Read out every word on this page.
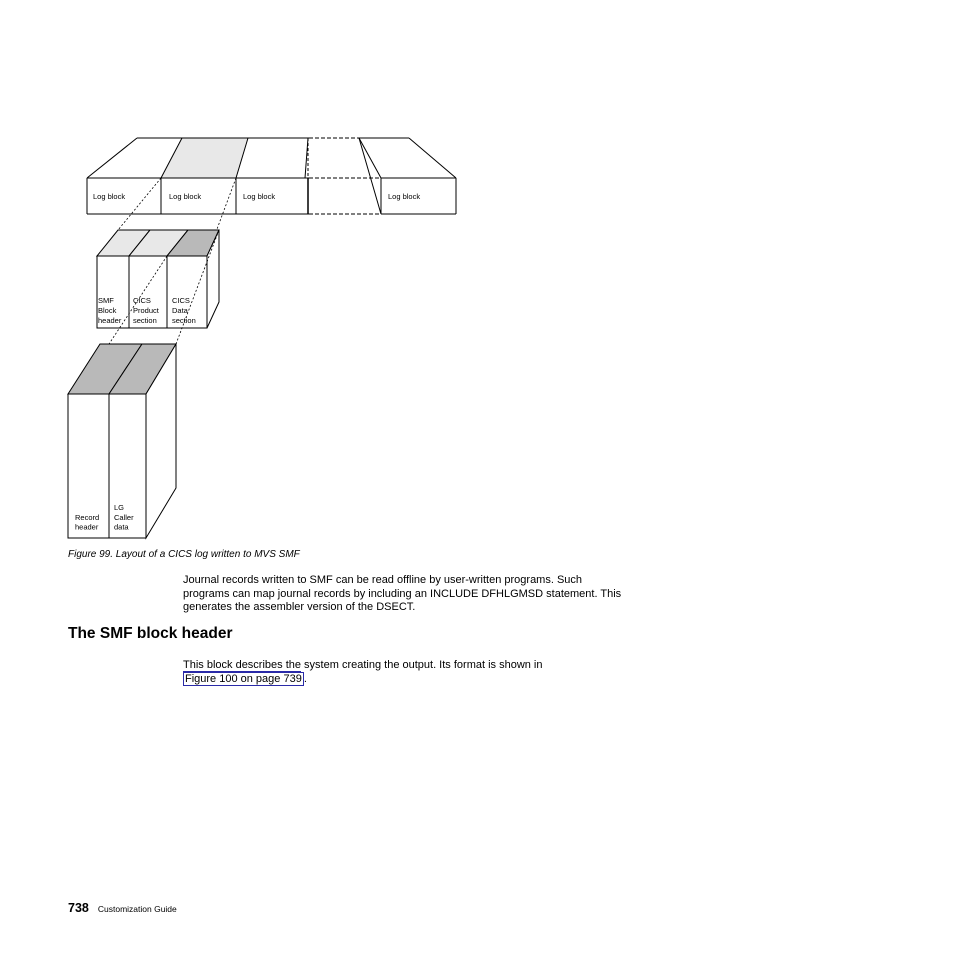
Log block	Log block	Log block	Log block
SMF Block header
CICS Product section
CICS Data section
Record header
LG Caller data
Figure 99. Layout of a CICS log written to MVS SMF
Journal records written to SMF can be read offline by user-written programs. Such programs can map journal records by including an INCLUDE DFHLGMSD statement. This generates the assembler version of the DSECT.
The SMF block header
This block describes the system creating the output. Its format is shown in
Figure 100 on page 739 .
738 Customization Guide
